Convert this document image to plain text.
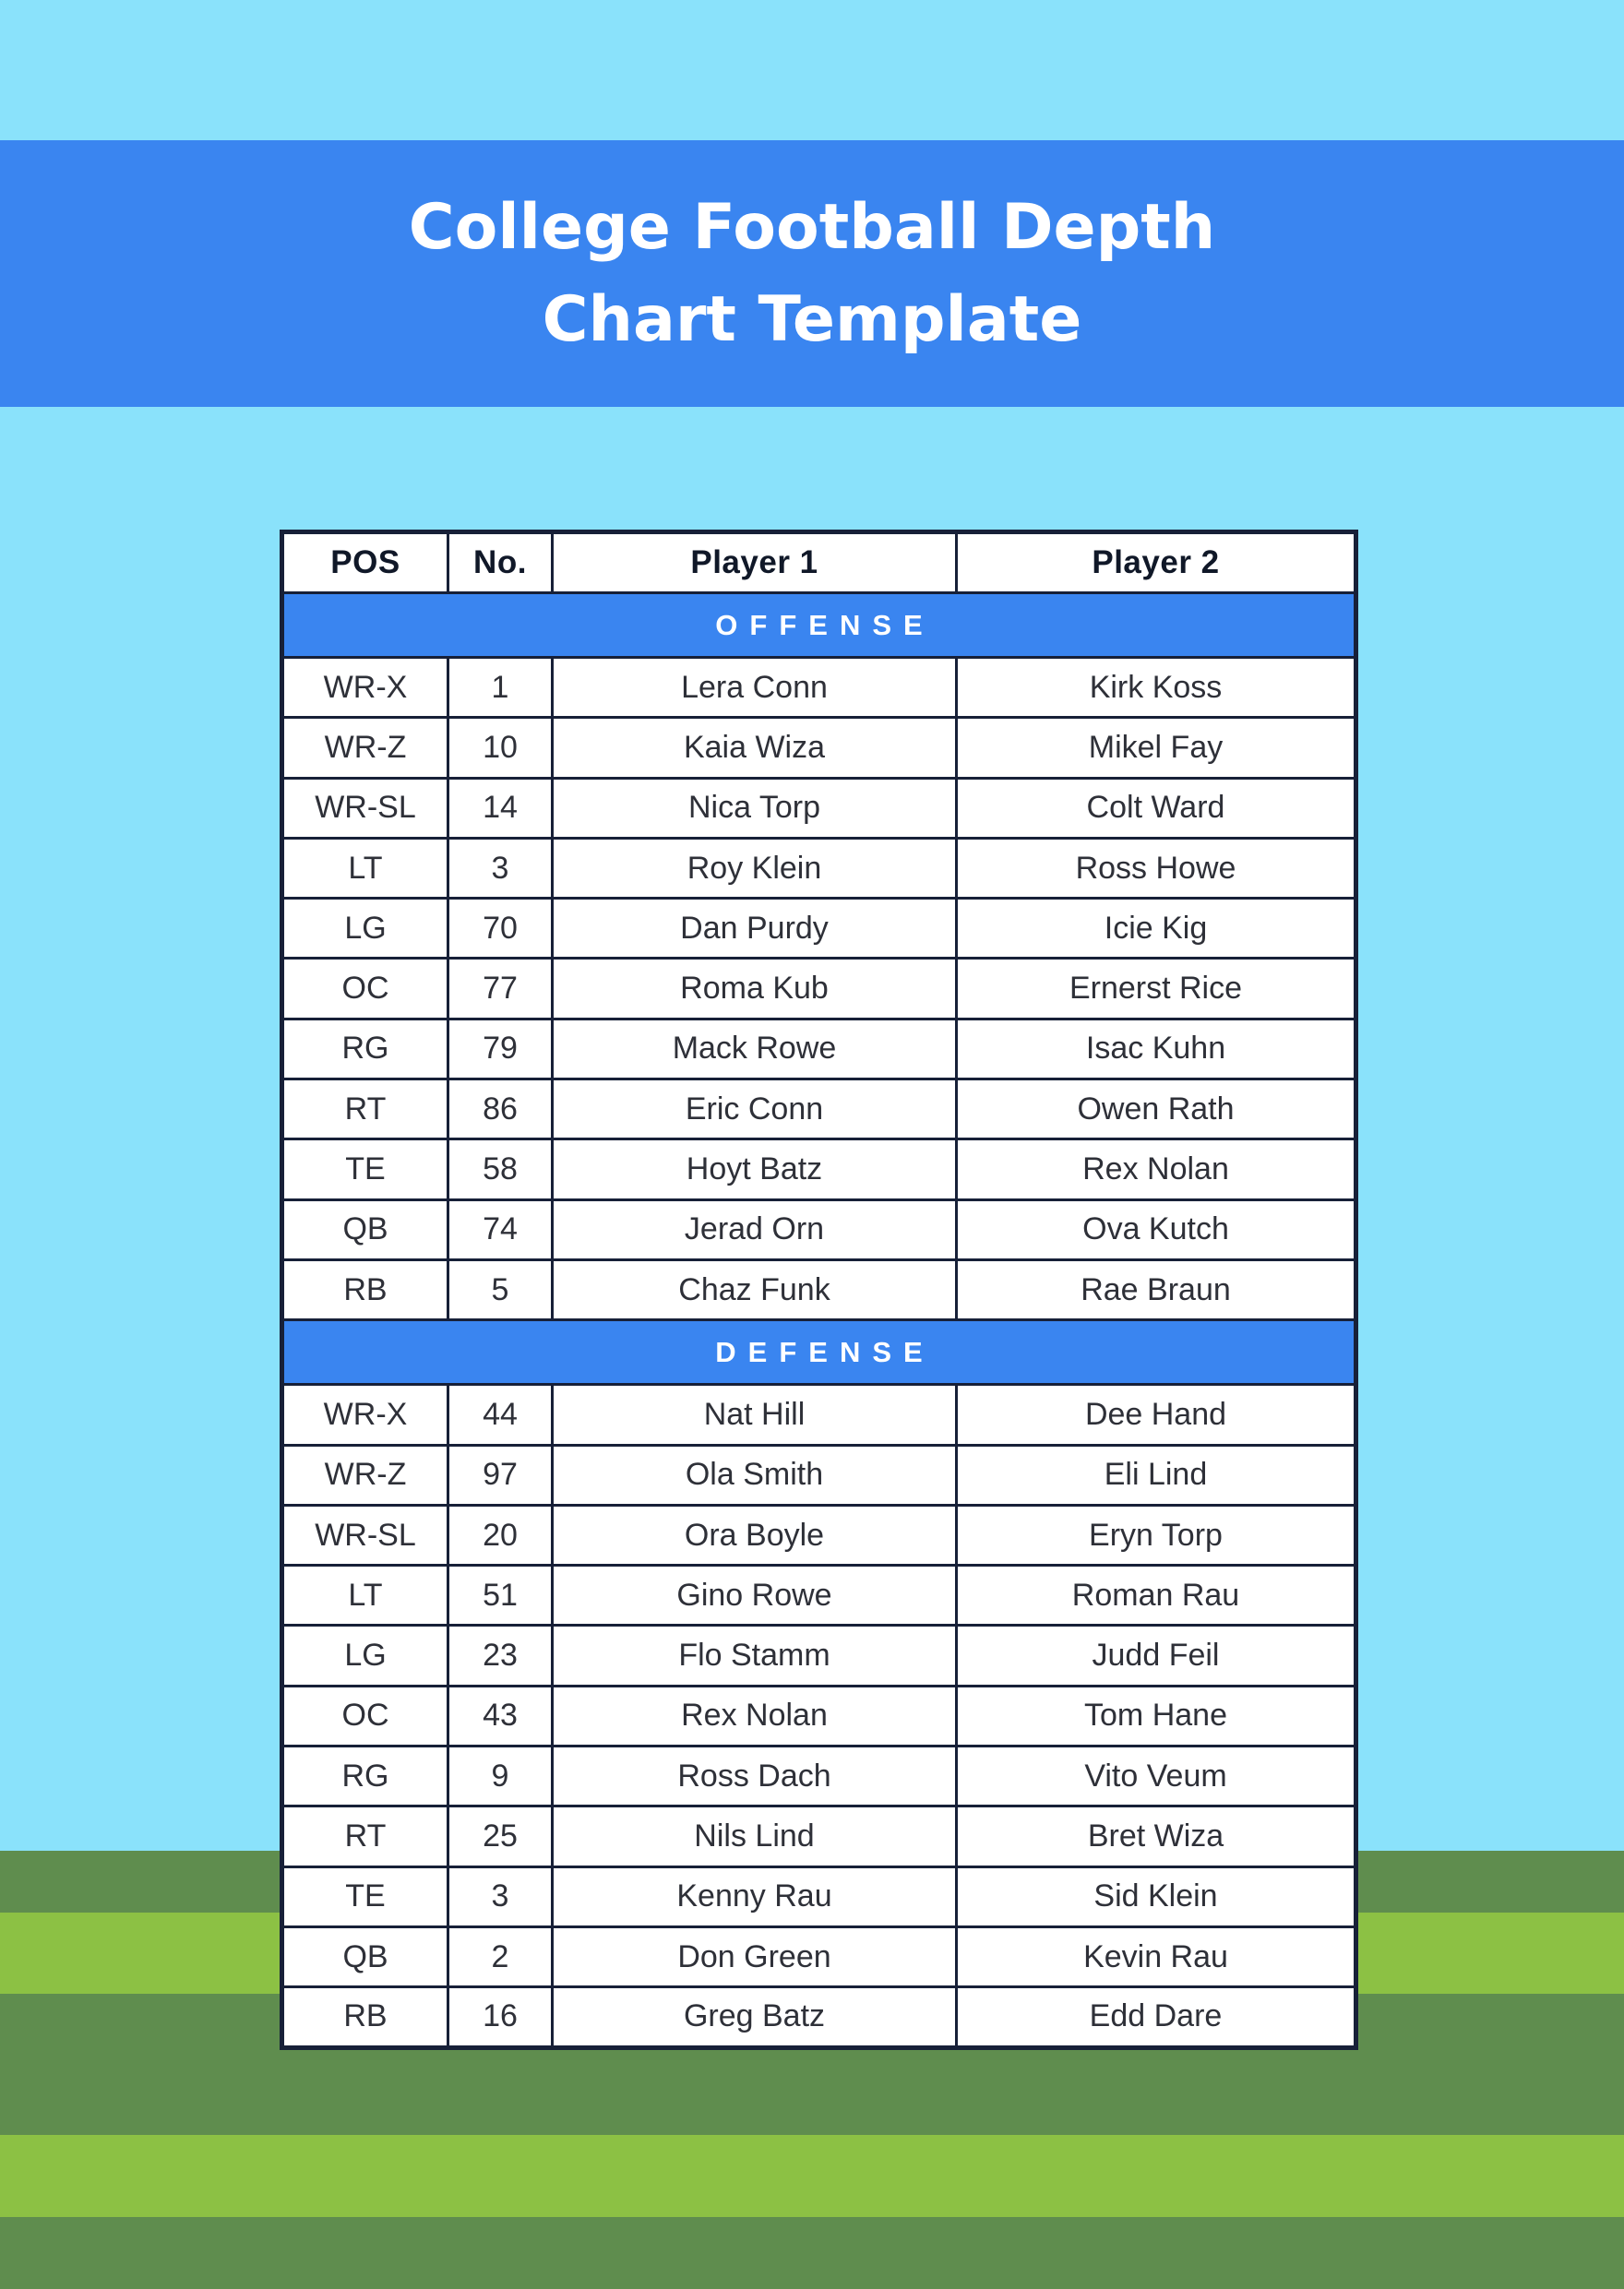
College Football Depth
Chart Template
POS	No.	Player 1	Player 2
OFFENSE			
WR-X	1	Lera Conn	Kirk Koss
WR-Z	10	Kaia Wiza	Mikel Fay
WR-SL	14	Nica Torp	Colt Ward
LT	3	Roy Klein	Ross Howe
LG	70	Dan Purdy	Icie Kig
OC	77	Roma Kub	Ernerst Rice
RG	79	Mack Rowe	Isac Kuhn
RT	86	Eric Conn	Owen Rath
TE	58	Hoyt Batz	Rex Nolan
QB	74	Jerad Orn	Ova Kutch
RB	5	Chaz Funk	Rae Braun
DEFENSE			
WR-X	44	Nat Hill	Dee Hand
WR-Z	97	Ola Smith	Eli Lind
WR-SL	20	Ora Boyle	Eryn Torp
LT	51	Gino Rowe	Roman Rau
LG	23	Flo Stamm	Judd Feil
OC	43	Rex Nolan	Tom Hane
RG	9	Ross Dach	Vito Veum
RT	25	Nils Lind	Bret Wiza
TE	3	Kenny Rau	Sid Klein
QB	2	Don Green	Kevin Rau
RB	16	Greg Batz	Edd Dare
